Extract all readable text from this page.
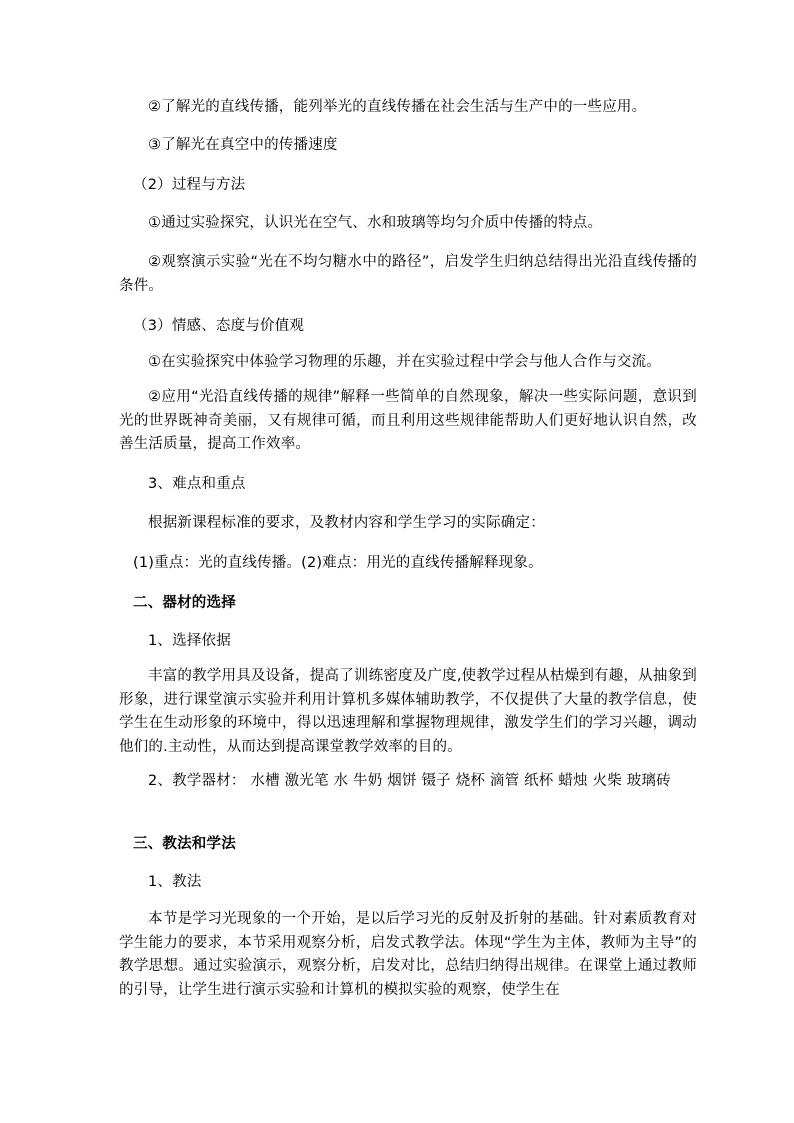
②了解光的直线传播，能列举光的直线传播在社会生活与生产中的一些应用。
③了解光在真空中的传播速度
（2）过程与方法
①通过实验探究，认识光在空气、水和玻璃等均匀介质中传播的特点。
②观察演示实验“光在不均匀糖水中的路径”，启发学生归纳总结得出光沿直线传播的条件。
（3）情感、态度与价值观
①在实验探究中体验学习物理的乐趣，并在实验过程中学会与他人合作与交流。
②应用“光沿直线传播的规律”解释一些简单的自然现象，解决一些实际问题，意识到光的世界既神奇美丽，又有规律可循，而且利用这些规律能帮助人们更好地认识自然，改善生活质量，提高工作效率。
3、难点和重点
根据新课程标准的要求，及教材内容和学生学习的实际确定：
(1)重点：光的直线传播。(2)难点：用光的直线传播解释现象。
二、器材的选择
1、选择依据
丰富的教学用具及设备，提高了训练密度及广度,使教学过程从枯燥到有趣，从抽象到形象，进行课堂演示实验并利用计算机多媒体辅助教学，不仅提供了大量的教学信息，使学生在生动形象的环境中，得以迅速理解和掌握物理规律，激发学生们的学习兴趣，调动他们的.主动性，从而达到提高课堂教学效率的目的。
2、教学器材： 水槽 激光笔 水 牛奶 烟饼 镊子 烧杯 滴管 纸杯 蜡烛 火柴 玻璃砖
三、教法和学法
1、教法
本节是学习光现象的一个开始，是以后学习光的反射及折射的基础。针对素质教育对学生能力的要求，本节采用观察分析，启发式教学法。体现“学生为主体，教师为主导”的教学思想。通过实验演示，观察分析，启发对比，总结归纳得出规律。在课堂上通过教师的引导，让学生进行演示实验和计算机的模拟实验的观察，使学生在
